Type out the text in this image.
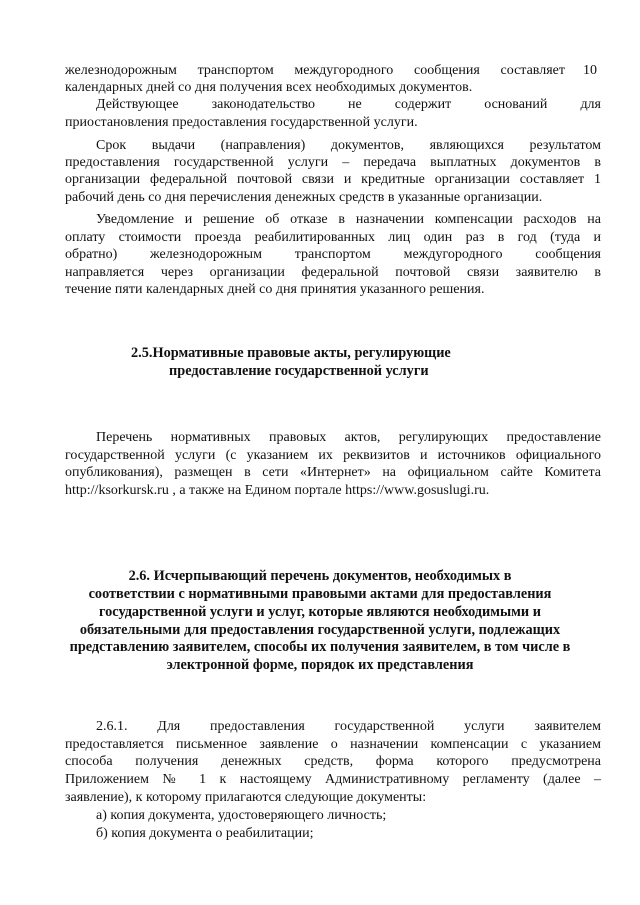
железнодорожным транспортом междугородного сообщения составляет 10
календарных дней со дня получения всех необходимых документов.
Действующее законодательство не содержит оснований для
приостановления предоставления государственной услуги.
Срок выдачи (направления) документов, являющихся результатом
предоставления государственной услуги – передача выплатных документов в
организации федеральной почтовой связи и кредитные организации составляет 1
рабочий день со дня перечисления денежных средств в указанные организации.
Уведомление и решение об отказе в назначении компенсации расходов на
оплату стоимости проезда реабилитированных лиц один раз в год (туда и
обратно) железнодорожным транспортом междугородного сообщения
направляется через организации федеральной почтовой связи заявителю в
течение пяти календарных дней со дня принятия указанного решения.
2.5.Нормативные правовые акты, регулирующие
предоставление государственной услуги
Перечень нормативных правовых актов, регулирующих предоставление
государственной услуги (с указанием их реквизитов и источников официального
опубликования), размещен в сети «Интернет» на официальном сайте Комитета
http://ksorkursk.ru , а также на Едином портале https://www.gosuslugi.ru.
2.6. Исчерпывающий перечень документов, необходимых в
соответствии с нормативными правовыми актами для предоставления
государственной услуги и услуг, которые являются необходимыми и
обязательными для предоставления государственной услуги, подлежащих
представлению заявителем, способы их получения заявителем, в том числе в
электронной форме, порядок их представления
2.6.1. Для предоставления государственной услуги заявителем
предоставляется письменное заявление о назначении компенсации с указанием
способа получения денежных средств, форма которого предусмотрена
Приложением № 1 к настоящему Административному регламенту (далее –
заявление), к которому прилагаются следующие документы:
а) копия документа, удостоверяющего личность;
б) копия документа о реабилитации;
